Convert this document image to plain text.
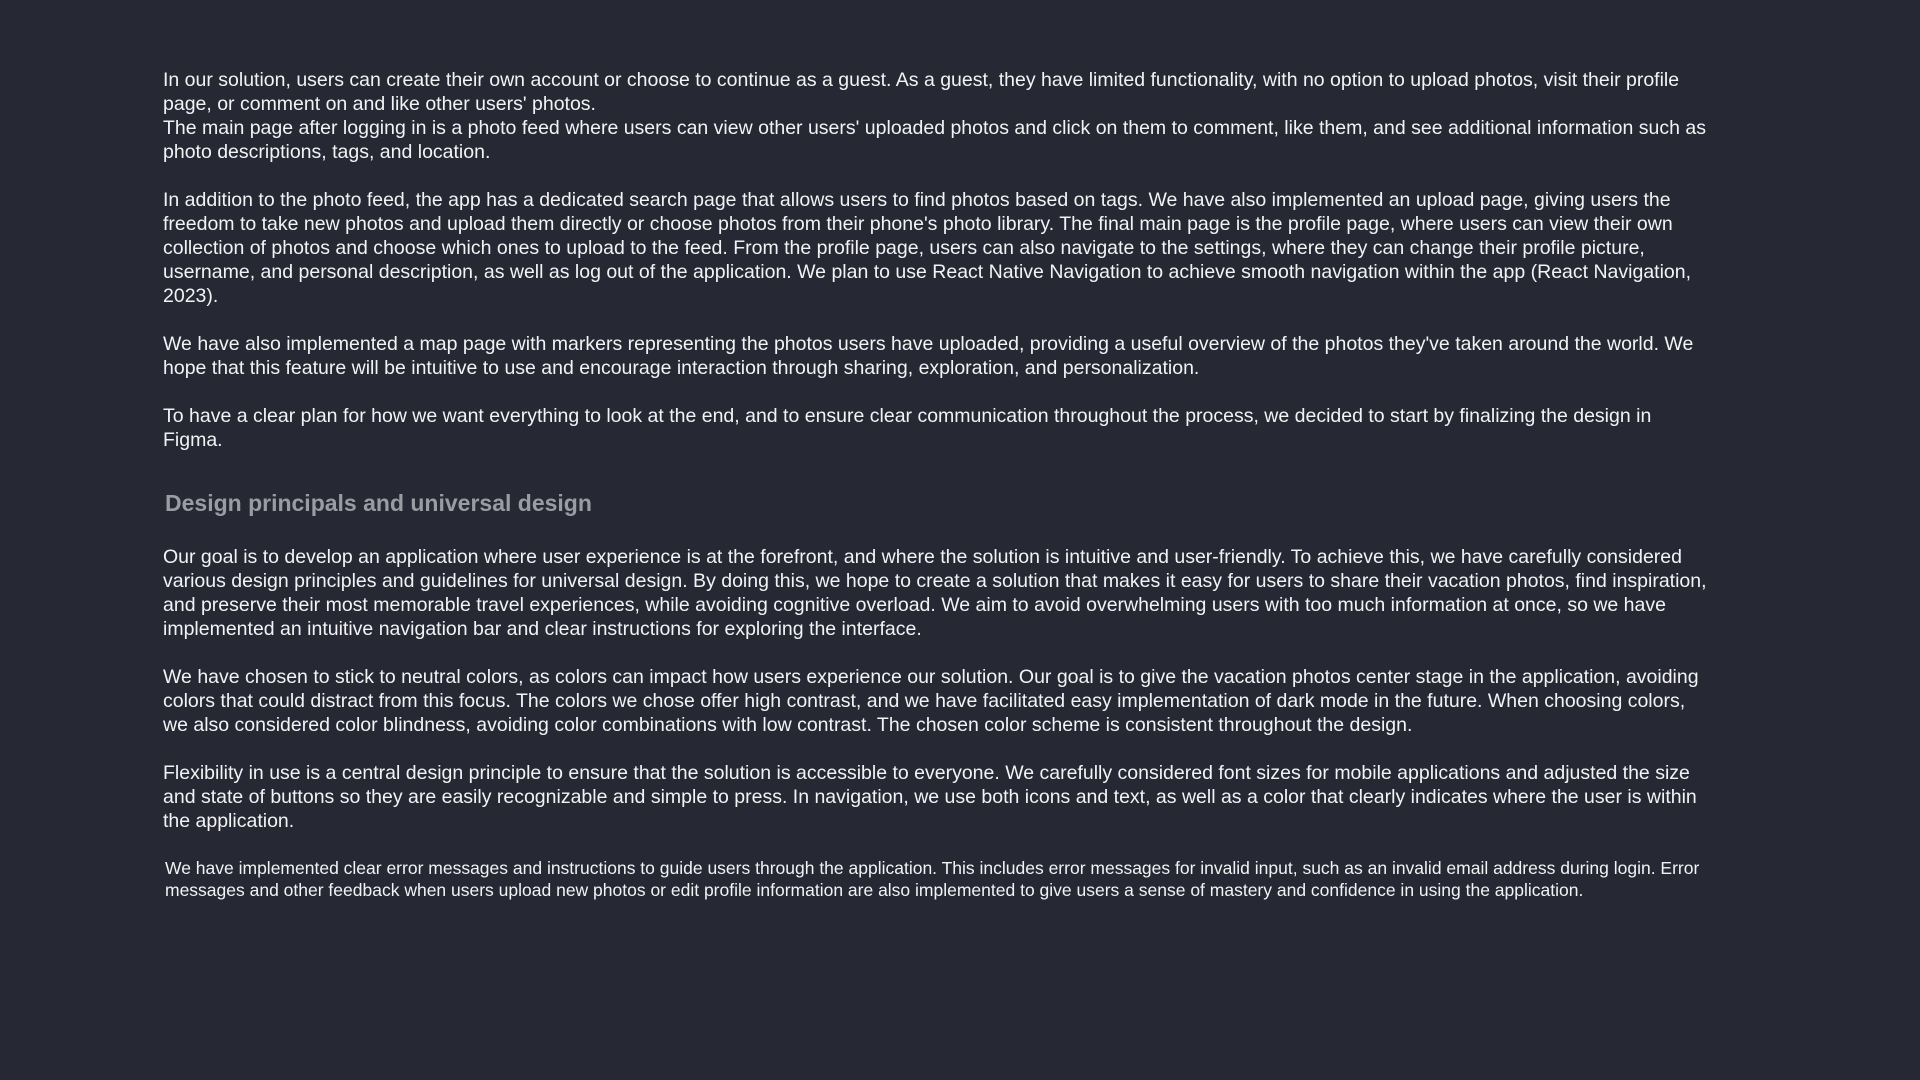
In our solution, users can create their own account or choose to continue as a guest. As a guest, they have limited functionality, with no option to upload photos, visit their profile page, or comment on and like other users' photos.

The main page after logging in is a photo feed where users can view other users' uploaded photos and click on them to comment, like them, and see additional information such as photo descriptions, tags, and location.

In addition to the photo feed, the app has a dedicated search page that allows users to find photos based on tags. We have also implemented an upload page, giving users the freedom to take new photos and upload them directly or choose photos from their phone's photo library. The final main page is the profile page, where users can view their own collection of photos and choose which ones to upload to the feed. From the profile page, users can also navigate to the settings, where they can change their profile picture, username, and personal description, as well as log out of the application. We plan to use React Native Navigation to achieve smooth navigation within the app (React Navigation, 2023).

We have also implemented a map page with markers representing the photos users have uploaded, providing a useful overview of the photos they've taken around the world. We hope that this feature will be intuitive to use and encourage interaction through sharing, exploration, and personalization.

To have a clear plan for how we want everything to look at the end, and to ensure clear communication throughout the process, we decided to start by finalizing the design in Figma.

Design principals and universal design

Our goal is to develop an application where user experience is at the forefront, and where the solution is intuitive and user-friendly. To achieve this, we have carefully considered various design principles and guidelines for universal design. By doing this, we hope to create a solution that makes it easy for users to share their vacation photos, find inspiration, and preserve their most memorable travel experiences, while avoiding cognitive overload. We aim to avoid overwhelming users with too much information at once, so we have implemented an intuitive navigation bar and clear instructions for exploring the interface.

We have chosen to stick to neutral colors, as colors can impact how users experience our solution. Our goal is to give the vacation photos center stage in the application, avoiding colors that could distract from this focus. The colors we chose offer high contrast, and we have facilitated easy implementation of dark mode in the future. When choosing colors, we also considered color blindness, avoiding color combinations with low contrast. The chosen color scheme is consistent throughout the design.

Flexibility in use is a central design principle to ensure that the solution is accessible to everyone. We carefully considered font sizes for mobile applications and adjusted the size and state of buttons so they are easily recognizable and simple to press. In navigation, we use both icons and text, as well as a color that clearly indicates where the user is within the application.

We have implemented clear error messages and instructions to guide users through the application. This includes error messages for invalid input, such as an invalid email address during login. Error messages and other feedback when users upload new photos or edit profile information are also implemented to give users a sense of mastery and confidence in using the application.
